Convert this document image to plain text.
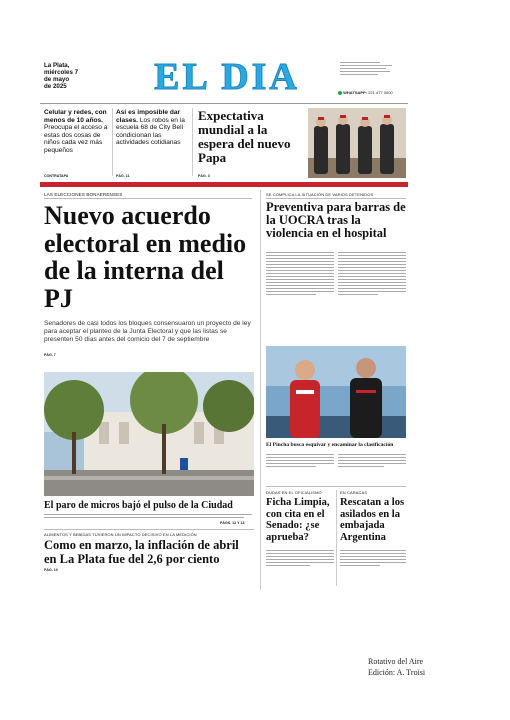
La Plata,
miércoles 7
de mayo
de 2025	EL DIA	WHATSAPP: 221 477 0000
Celular y redes, con menos de 10 años. Preocupa el acceso a estas dos cosas de niños cada vez más pequeños
CONTRATAPA
Así es imposible dar clases. Los robos en la escuela 68 de City Bell condicionan las actividades cotidianas
PÁG. 11
Expectativa mundial a la espera del nuevo Papa
PÁG. 3
LAS ELECCIONES BONAERENSES
Nuevo acuerdo electoral en medio de la interna del PJ
Senadores de casi todos los bloques consensuaron un proyecto de ley para aceptar el planteo de la Junta Electoral y que las listas se presenten 50 días antes del comicio del 7 de septiembre
PÁG. 7
El paro de micros bajó el pulso de la Ciudad
PÁGS. 12 Y 13
ALIMENTOS Y BEBIDAS TUVIERON UN IMPACTO DECISIVO EN LA MEDICIÓN
Como en marzo, la inflación de abril en La Plata fue del 2,6 por ciento
PÁG. 10
SE COMPLICA LA SITUACIÓN DE VARIOS DETENIDOS
Preventiva para barras de la UOCRA tras la violencia en el hospital
El Pincha busca esquivar y encaminar la clasificación
DUDAS EN EL OFICIALISMO
Ficha Limpia, con cita en el Senado: ¿se aprueba?
EN CARACAS
Rescatan a los asilados en la embajada Argentina
Rotativo del Aire
Edición: A. Troisi
